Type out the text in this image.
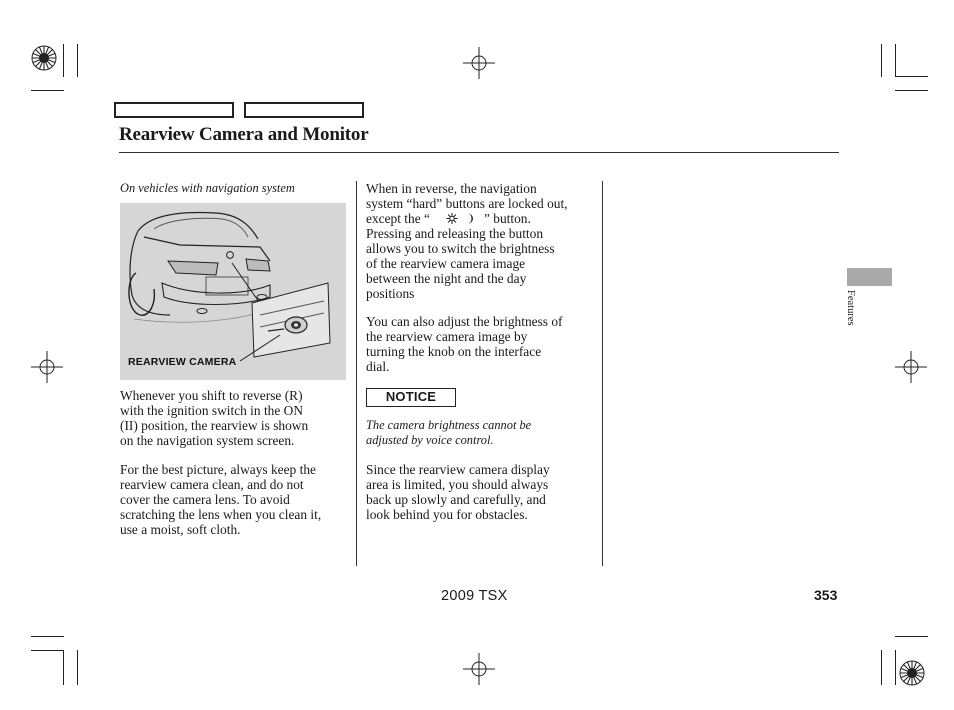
Rearview Camera and Monitor
On vehicles with navigation system
REARVIEW CAMERA
Whenever you shift to reverse (R)
with the ignition switch in the ON
(II) position, the rearview is shown
on the navigation system screen.
For the best picture, always keep the
rearview camera clean, and do not
cover the camera lens. To avoid
scratching the lens when you clean it,
use a moist, soft cloth.
When in reverse, the navigation
system “hard” buttons are locked out,
except the “	” button.
Pressing and releasing the button
allows you to switch the brightness
of the rearview camera image
between the night and the day
positions
You can also adjust the brightness of
the rearview camera image by
turning the knob on the interface
dial.
NOTICE
The camera brightness cannot be
adjusted by voice control.
Since the rearview camera display
area is limited, you should always
back up slowly and carefully, and
look behind you for obstacles.
Features
2009 TSX	353
